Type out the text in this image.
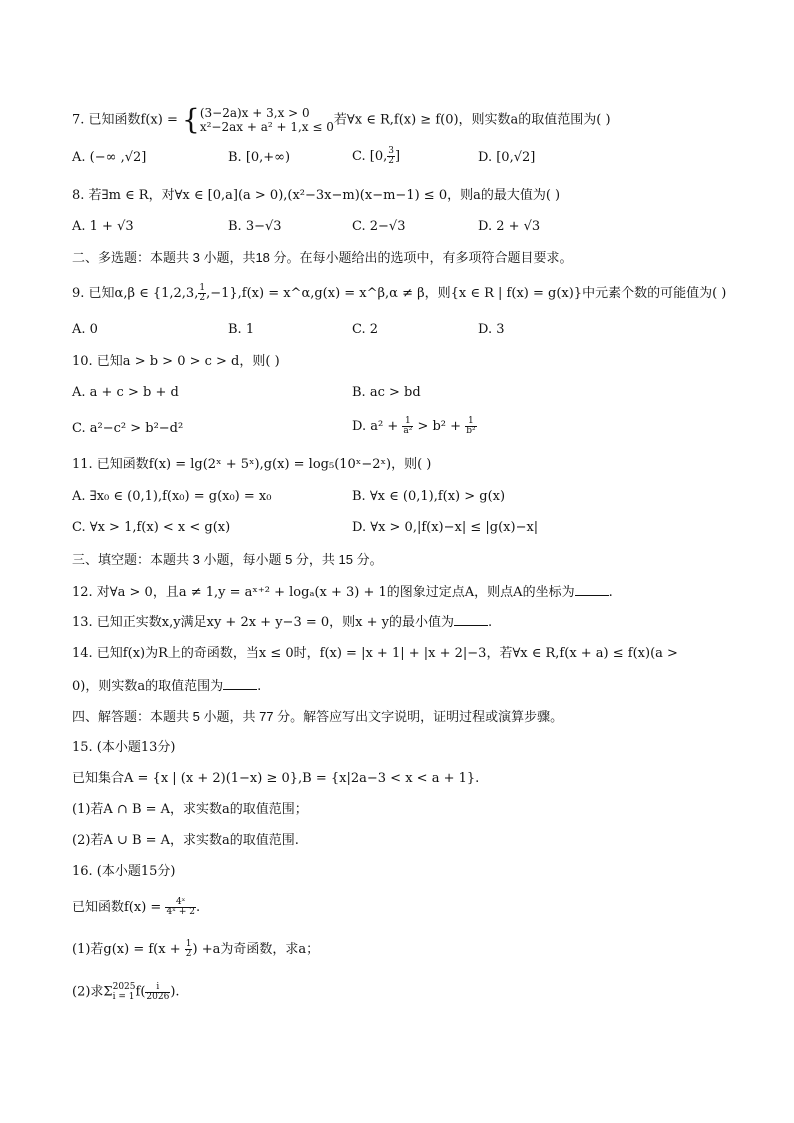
7. 已知函数f(x) = { (3−2a)x + 3,x > 0
x²−2ax + a² + 1,x ≤ 0 若∀x ∈ R,f(x) ≥ f(0)，则实数a的取值范围为( )
A. (−∞ ,√2]	B. [0,+∞)	C. [0, $\frac{3}{2}$ ]	D. [0,√2]
8. 若∃m ∈ R，对∀x ∈ [0,a](a > 0),(x²−3x−m)(x−m−1) ≤ 0，则a的最大值为( )
A. 1 + √3	B. 3−√3	C. 2−√3	D. 2 + √3
二、多选题：本题共 3 小题，共18 分。在每小题给出的选项中，有多项符合题目要求。
9. 已知α,β ∈ {1,2,3, $\frac{1}{2} ,-1\},f(x)$ = x^α,g(x) = x^β,α ≠ β，则{x ∈ R | f(x) = g(x)}中元素个数的可能值为( )
A. 0	B. 1	C. 2	D. 3
10. 已知a > b > 0 > c > d，则( )
A. a + c > b + d	B. ac > bd
C. a²−c² > b²−d²	D. $a^2 + \frac{1}{\text{a²}} > b^2 + \frac{1}{\text{b²}}$
11. 已知函数f(x) = lg(2ˣ + 5ˣ),g(x) = log₅(10ˣ−2ˣ)，则( )
A. ∃x₀ ∈ (0,1),f(x₀) = g(x₀) = x₀	B. ∀x ∈ (0,1),f(x) > g(x)
C. ∀x > 1,f(x) < x < g(x)	D. ∀x > 0,|f(x)−x| ≤ |g(x)−x|
三、填空题：本题共 3 小题，每小题 5 分，共 15 分。
12. 对∀a > 0，且a ≠ 1,y = aˣ⁺² + logₐ(x + 3) + 1的图象过定点A，则点A的坐标为	.
13. 已知正实数x,y满足xy + 2x + y−3 = 0，则x + y的最小值为	.
14. 已知f(x)为R上的奇函数，当x ≤ 0时，f(x) = |x + 1| + |x + 2|−3，若∀x ∈ R,f(x + a) ≤ f(x)(a >
0)，则实数a的取值范围为	.
四、解答题：本题共 5 小题，共 77 分。解答应写出文字说明，证明过程或演算步骤。
15. (本小题13分)
已知集合A = {x | (x + 2)(1−x) ≥ 0},B = {x|2a−3 < x < a + 1}.
(1)若A ∩ B = A，求实数a的取值范围；
(2)若A ∪ B = A，求实数a的取值范围.
16. (本小题15分)
已知函数$f(x) = \frac{\text{4ˣ}}{\text{4ˣ + 2}}$ .
(1)若$g(x) = f(x + \frac{1}{2}$ ) +a为奇函数，求a；
(2)求Σ 2025
i = 1 $f( \frac{i}{2026}$ ).
